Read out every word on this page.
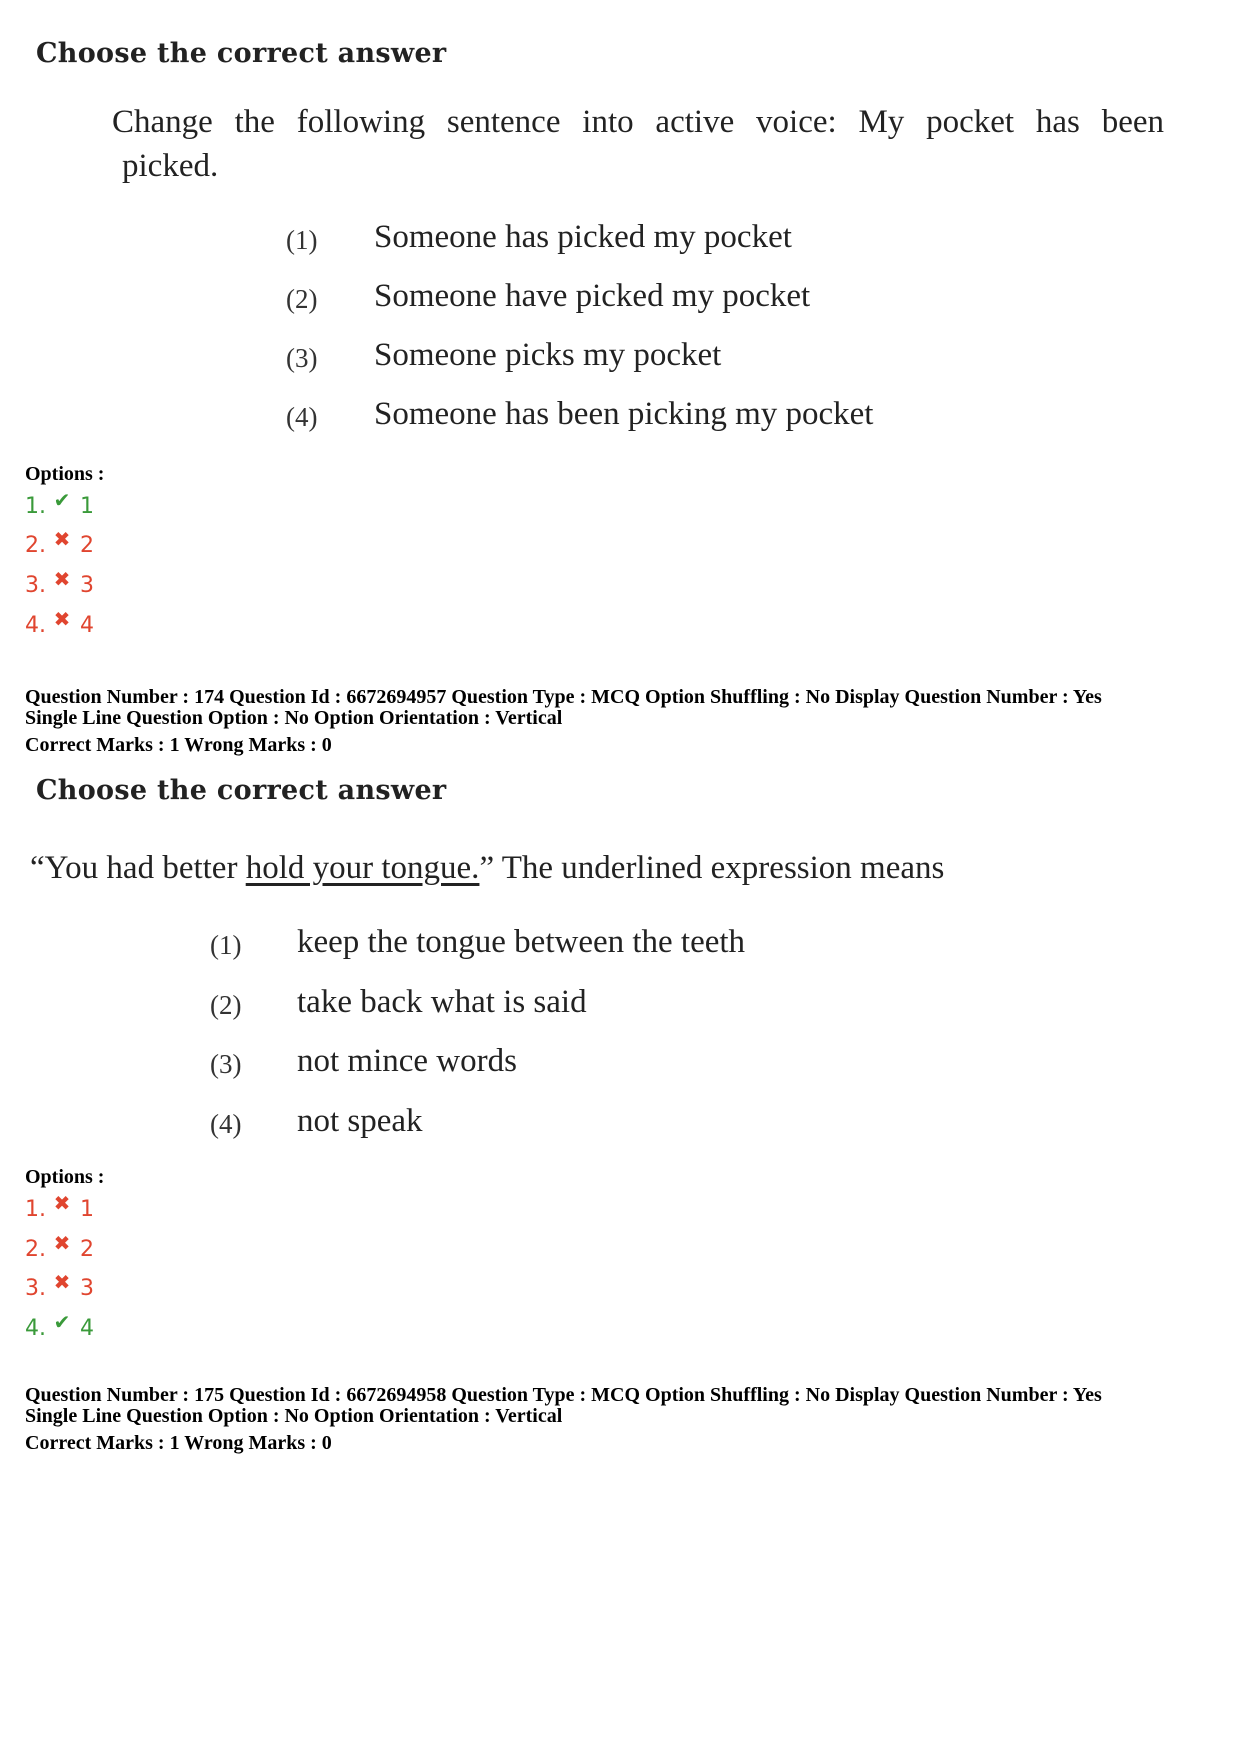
Choose the correct answer
Change the following sentence into active voice: My pocket has been
picked.
(1) Someone has picked my pocket
(2) Someone have picked my pocket
(3) Someone picks my pocket
(4) Someone has been picking my pocket
Options :
1. ✔ 1
2. ✖ 2
3. ✖ 3
4. ✖ 4
Question Number : 174 Question Id : 6672694957 Question Type : MCQ Option Shuffling : No Display Question Number : Yes
Single Line Question Option : No Option Orientation : Vertical
Correct Marks : 1 Wrong Marks : 0
Choose the correct answer
“You had better hold your tongue.” The underlined expression means
(1) keep the tongue between the teeth
(2) take back what is said
(3) not mince words
(4) not speak
Options :
1. ✖ 1
2. ✖ 2
3. ✖ 3
4. ✔ 4
Question Number : 175 Question Id : 6672694958 Question Type : MCQ Option Shuffling : No Display Question Number : Yes
Single Line Question Option : No Option Orientation : Vertical
Correct Marks : 1 Wrong Marks : 0
